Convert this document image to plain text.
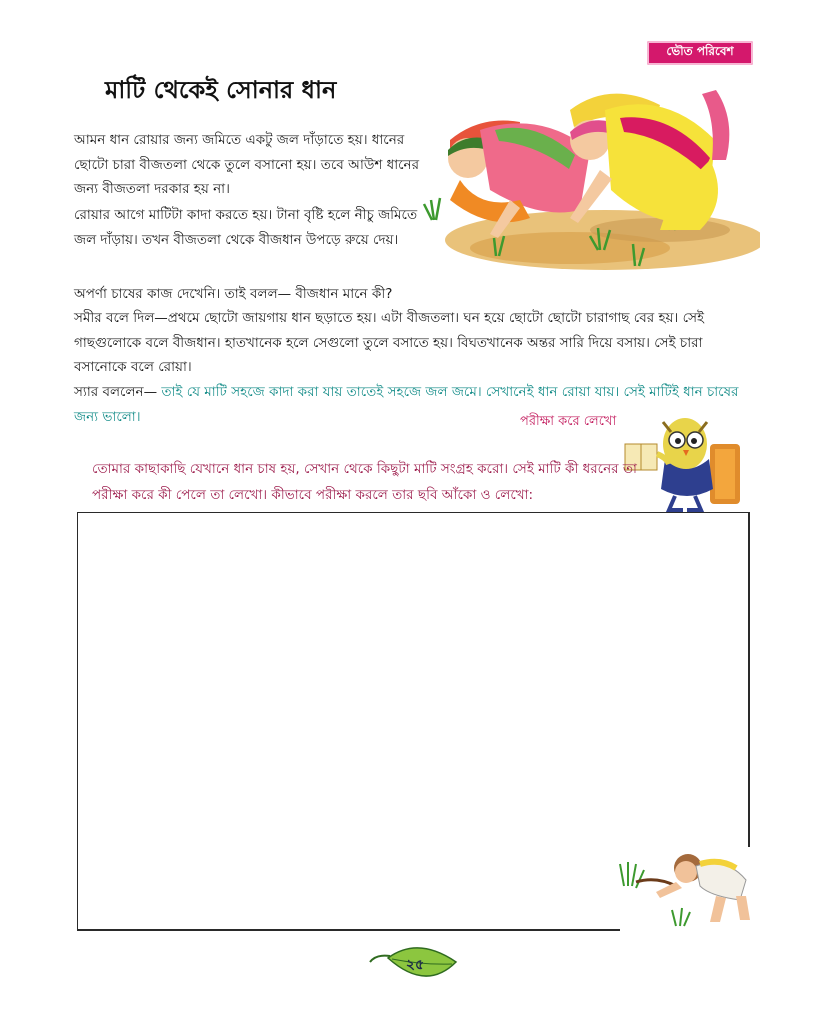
ভৌত পরিবেশ
মাটি থেকেই সোনার ধান

আমন ধান রোয়ার জন্য জমিতে একটু জল দাঁড়াতে হয়। ধানের ছোটো চারা বীজতলা থেকে তুলে বসানো হয়। তবে আউশ ধানের জন্য বীজতলা দরকার হয় না।

রোয়ার আগে মাটিটা কাদা করতে হয়। টানা বৃষ্টি হলে নীচু জমিতে জল দাঁড়ায়। তখন বীজতলা থেকে বীজধান উপড়ে রুয়ে দেয়।

অপর্ণা চাষের কাজ দেখেনি। তাই বলল— বীজধান মানে কী?

সমীর বলে দিল—প্রথমে ছোটো জায়গায় ধান ছড়াতে হয়। এটা বীজতলা। ঘন হয়ে ছোটো ছোটো চারাগাছ বের হয়। সেই গাছগুলোকে বলে বীজধান। হাতখানেক হলে সেগুলো তুলে বসাতে হয়। বিঘতখানেক অন্তর সারি দিয়ে বসায়। সেই চারা বসানোকে বলে রোয়া।

স্যার বললেন— তাই যে মাটি সহজে কাদা করা যায় তাতেই সহজে জল জমে। সেখানেই ধান রোয়া যায়। সেই মাটিই ধান চাষের জন্য ভালো।	পরীক্ষা করে লেখো

তোমার কাছাকাছি যেখানে ধান চাষ হয়, সেখান থেকে কিছুটা মাটি সংগ্রহ করো। সেই মাটি কী ধরনের তা পরীক্ষা করে কী পেলে তা লেখো। কীভাবে পরীক্ষা করলে তার ছবি আঁকো ও লেখো:

২৫
